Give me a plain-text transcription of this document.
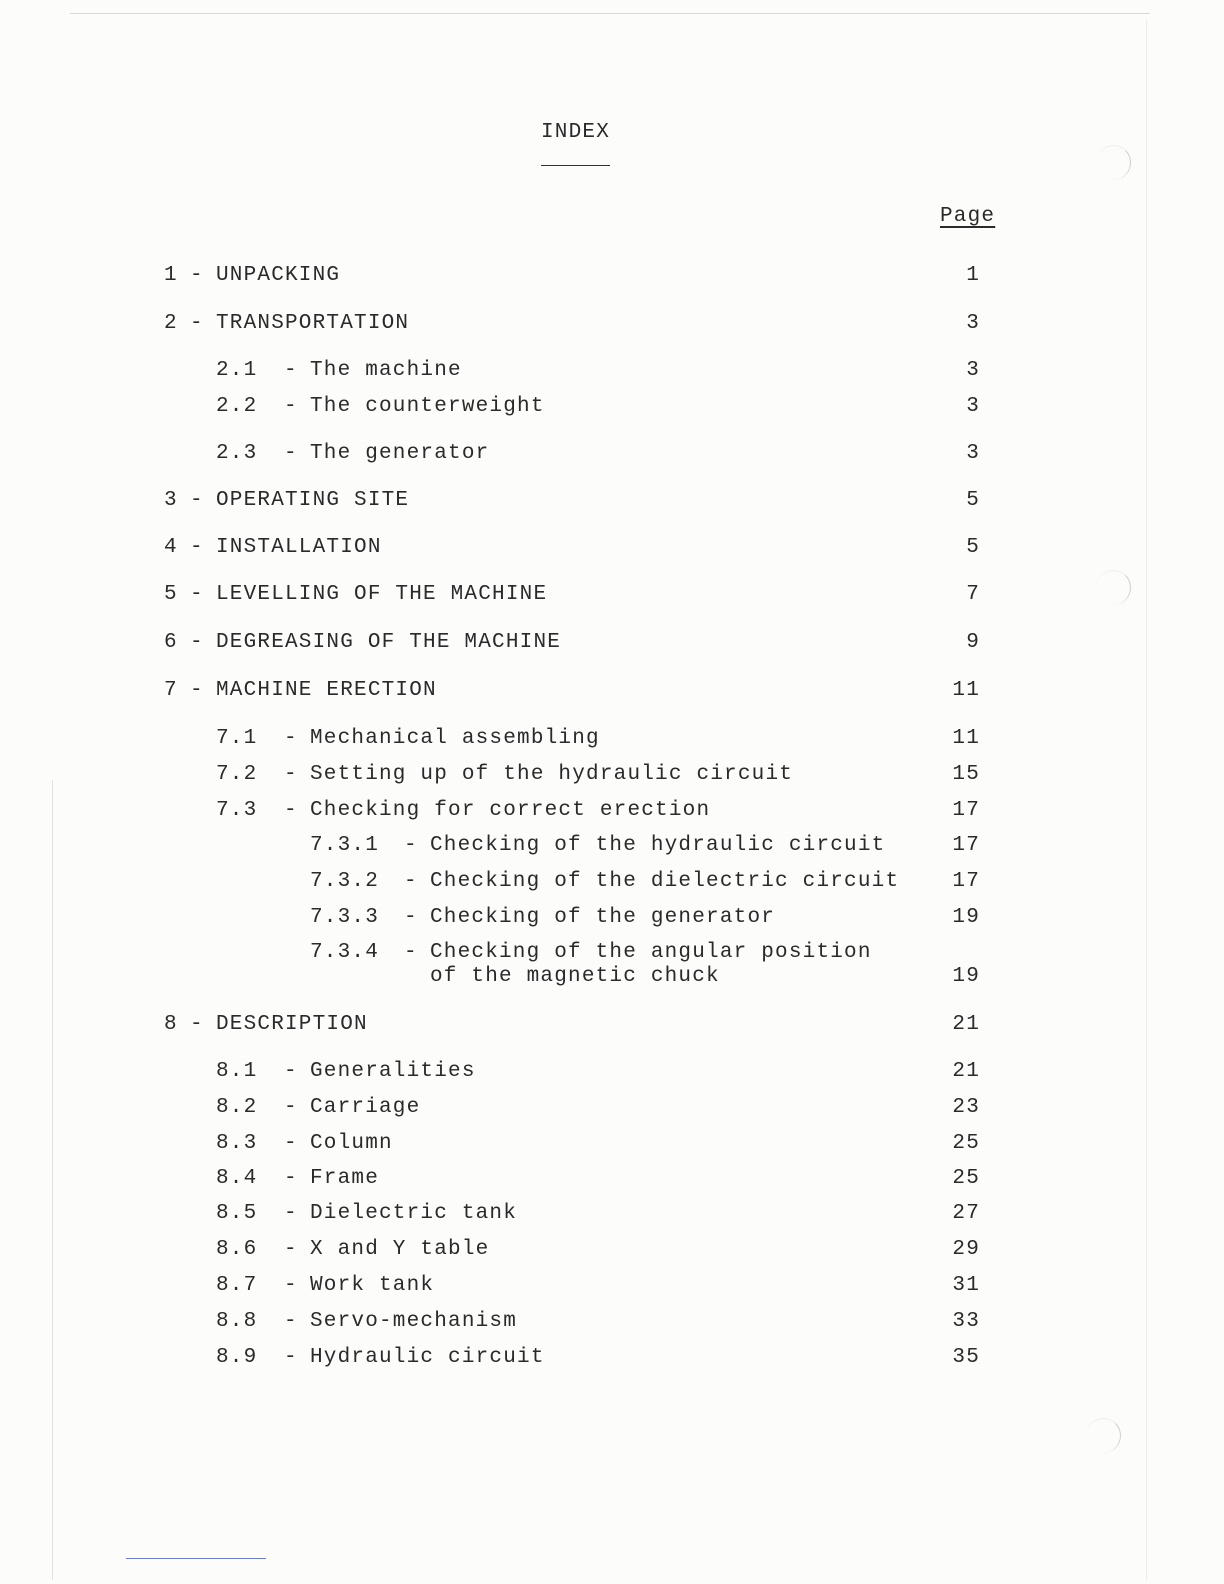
INDEX
Page
1 - UNPACKING	1
2 - TRANSPORTATION	3
2.1 - The machine	3
2.2 - The counterweight	3
2.3 - The generator	3
3 - OPERATING SITE	5
4 - INSTALLATION	5
5 - LEVELLING OF THE MACHINE	7
6 - DEGREASING OF THE MACHINE	9
7 - MACHINE ERECTION	11
7.1 - Mechanical assembling	11
7.2 - Setting up of the hydraulic circuit	15
7.3 - Checking for correct erection	17
7.3.1 - Checking of the hydraulic circuit	17
7.3.2 - Checking of the dielectric circuit	17
7.3.3 - Checking of the generator	19
7.3.4 - Checking of the angular position
of the magnetic chuck	19
8 - DESCRIPTION	21
8.1 - Generalities	21
8.2 - Carriage	23
8.3 - Column	25
8.4 - Frame	25
8.5 - Dielectric tank	27
8.6 - X and Y table	29
8.7 - Work tank	31
8.8 - Servo-mechanism	33
8.9 - Hydraulic circuit	35
